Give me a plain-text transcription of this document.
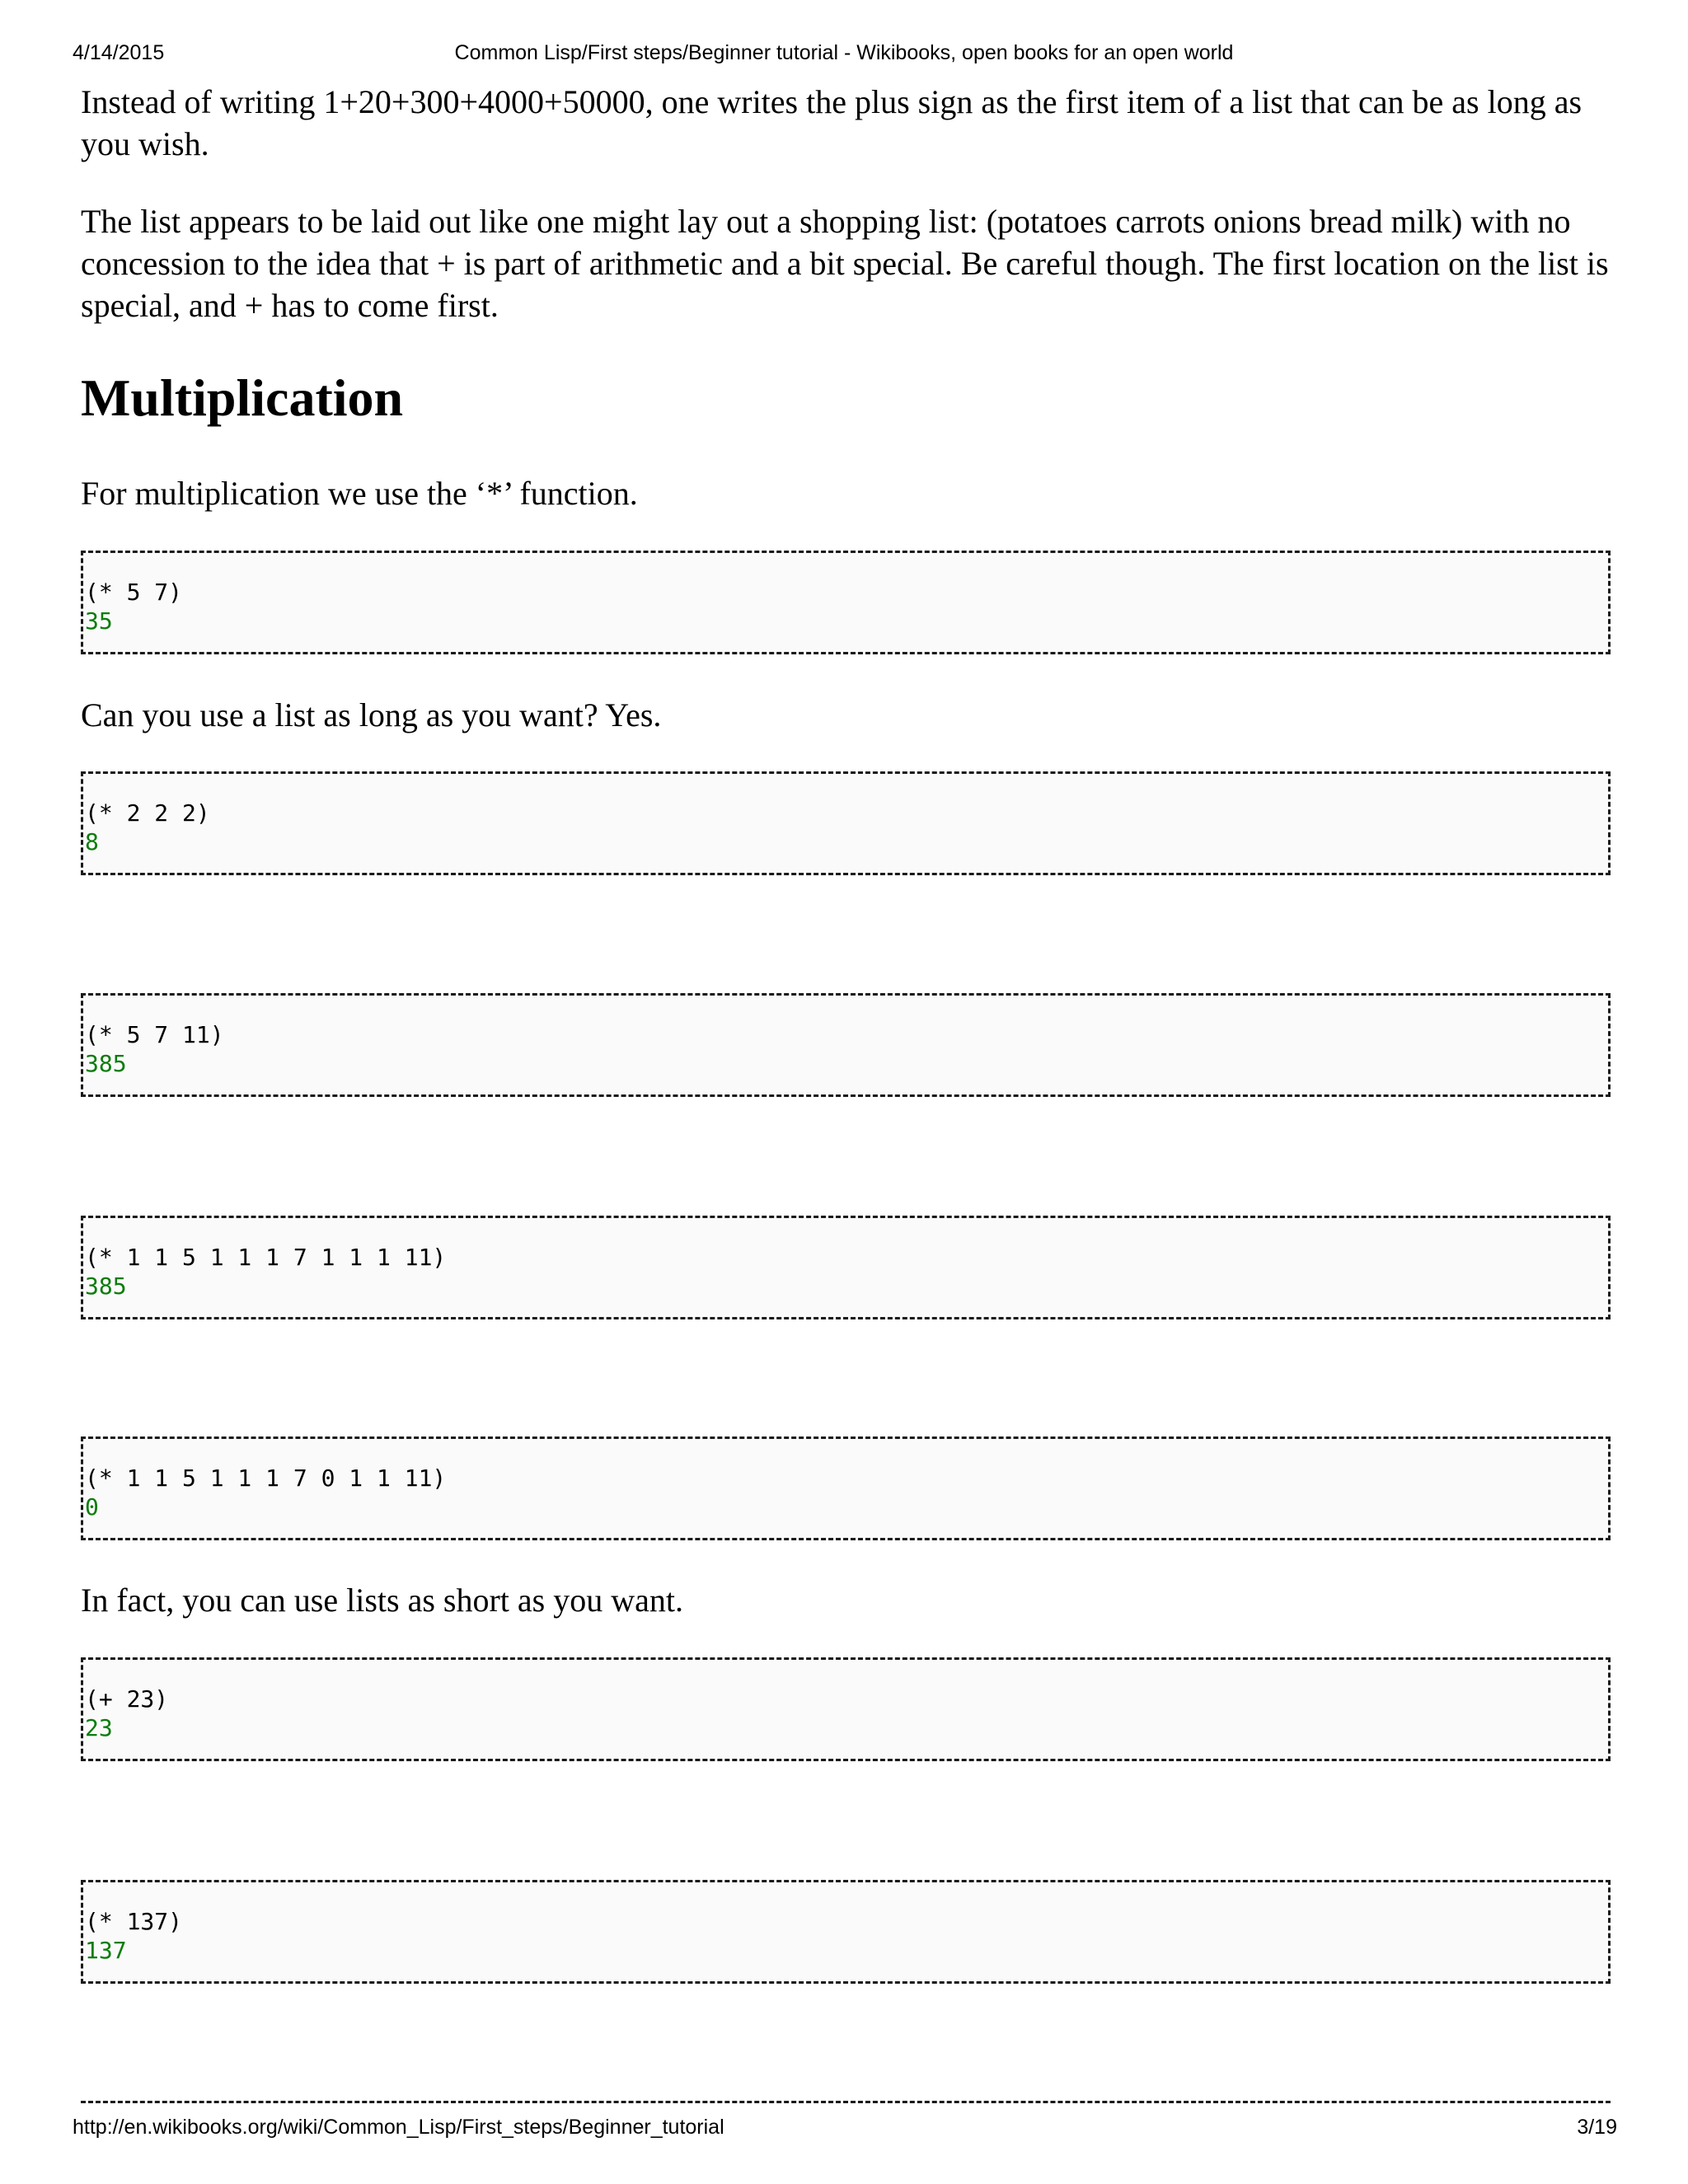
4/14/2015	Common Lisp/First steps/Beginner tutorial - Wikibooks, open books for an open world

Instead of writing 1+20+300+4000+50000, one writes the plus sign as the first item of a list that can be as long as you wish.

The list appears to be laid out like one might lay out a shopping list: (potatoes carrots onions bread milk) with no concession to the idea that + is part of arithmetic and a bit special. Be careful though. The first location on the list is special, and + has to come first.

Multiplication

For multiplication we use the ‘*’ function.

(* 5 7)
35

Can you use a list as long as you want? Yes.

(* 2 2 2)
8
(* 5 7 11)
385
(* 1 1 5 1 1 1 7 1 1 1 11)
385
(* 1 1 5 1 1 1 7 0 1 1 11)
0

In fact, you can use lists as short as you want.

(+ 23)
23
(* 137)
137
http://en.wikibooks.org/wiki/Common_Lisp/First_steps/Beginner_tutorial	3/19
